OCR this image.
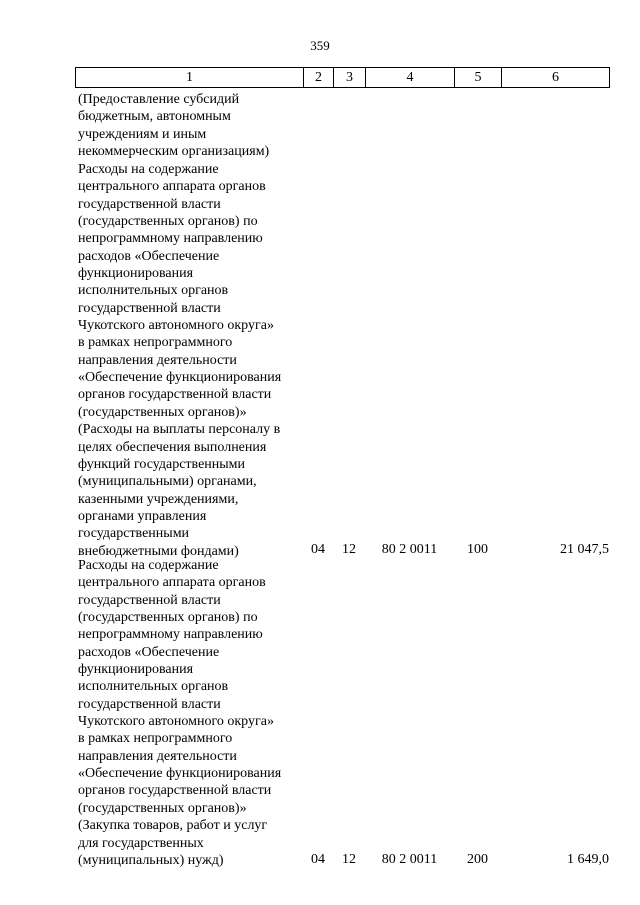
359
1	2	3	4	5	6
(Предоставление субсидий
бюджетным, автономным
учреждениям и иным
некоммерческим организациям)
Расходы на содержание
центрального аппарата органов
государственной власти
(государственных органов) по
непрограммному направлению
расходов «Обеспечение
функционирования
исполнительных органов
государственной власти
Чукотского автономного округа»
в рамках непрограммного
направления деятельности
«Обеспечение функционирования
органов государственной власти
(государственных органов)»
(Расходы на выплаты персоналу в
целях обеспечения выполнения
функций государственными
(муниципальными) органами,
казенными учреждениями,
органами управления
государственными
внебюджетными фондами)	04	12	80 2 0011	100	21 047,5
Расходы на содержание
центрального аппарата органов
государственной власти
(государственных органов) по
непрограммному направлению
расходов «Обеспечение
функционирования
исполнительных органов
государственной власти
Чукотского автономного округа»
в рамках непрограммного
направления деятельности
«Обеспечение функционирования
органов государственной власти
(государственных органов)»
(Закупка товаров, работ и услуг
для государственных
(муниципальных) нужд)	04	12	80 2 0011	200	1 649,0
